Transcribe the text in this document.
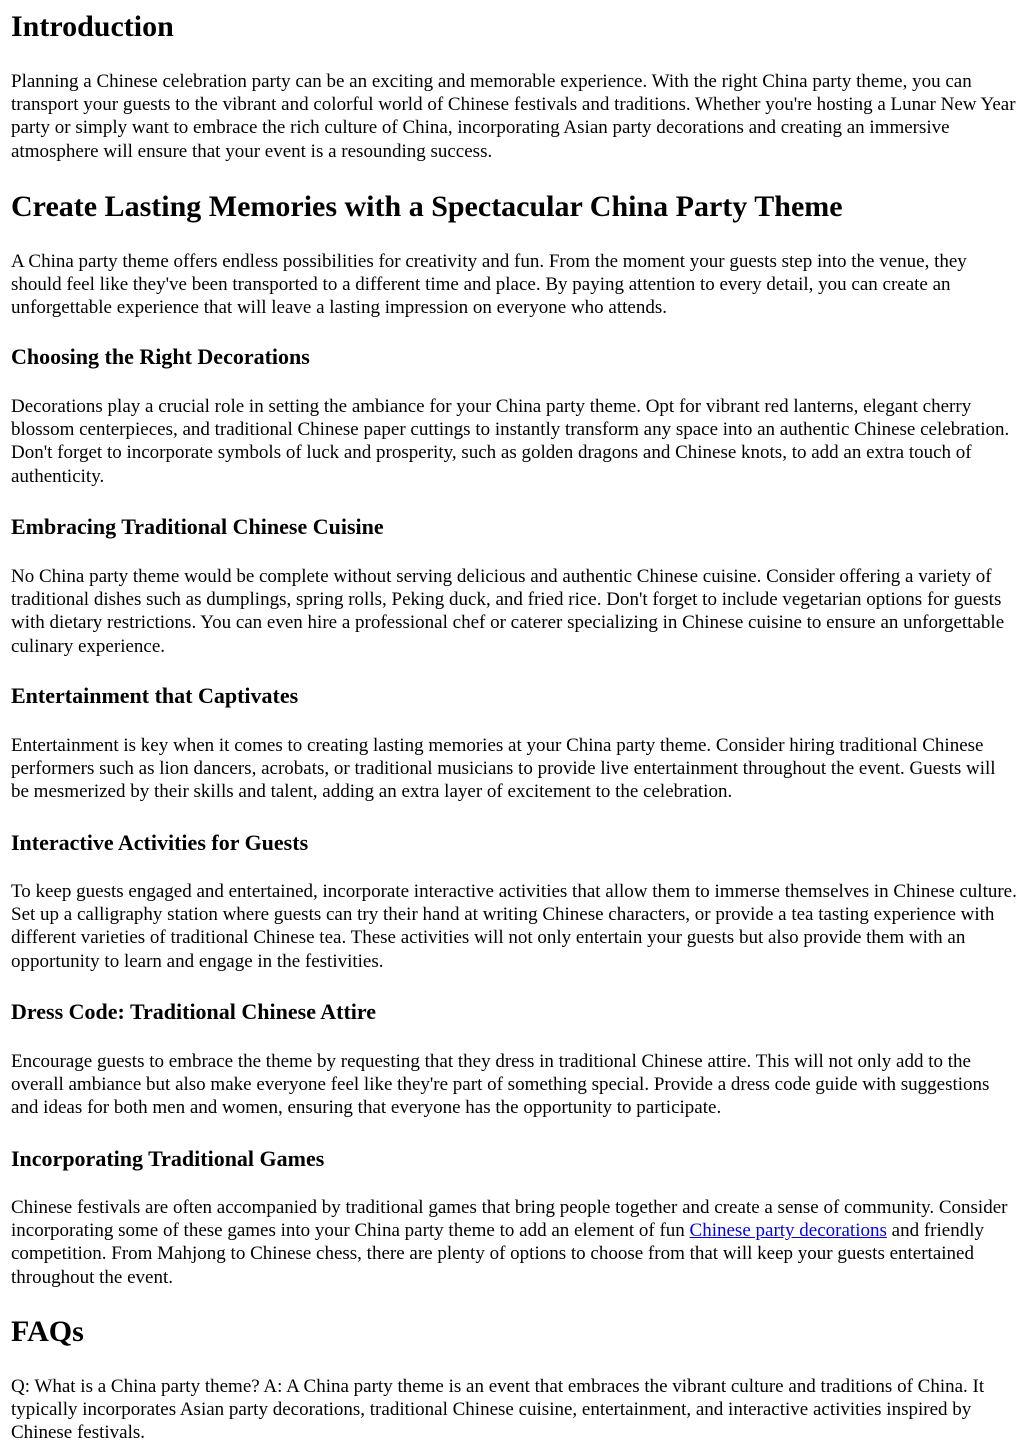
Introduction

Planning a Chinese celebration party can be an exciting and memorable experience. With the right China party theme, you can transport your guests to the vibrant and colorful world of Chinese festivals and traditions. Whether you're hosting a Lunar New Year party or simply want to embrace the rich culture of China, incorporating Asian party decorations and creating an immersive atmosphere will ensure that your event is a resounding success.

Create Lasting Memories with a Spectacular China Party Theme

A China party theme offers endless possibilities for creativity and fun. From the moment your guests step into the venue, they should feel like they've been transported to a different time and place. By paying attention to every detail, you can create an unforgettable experience that will leave a lasting impression on everyone who attends.

Choosing the Right Decorations

Decorations play a crucial role in setting the ambiance for your China party theme. Opt for vibrant red lanterns, elegant cherry blossom centerpieces, and traditional Chinese paper cuttings to instantly transform any space into an authentic Chinese celebration. Don't forget to incorporate symbols of luck and prosperity, such as golden dragons and Chinese knots, to add an extra touch of authenticity.

Embracing Traditional Chinese Cuisine

No China party theme would be complete without serving delicious and authentic Chinese cuisine. Consider offering a variety of traditional dishes such as dumplings, spring rolls, Peking duck, and fried rice. Don't forget to include vegetarian options for guests with dietary restrictions. You can even hire a professional chef or caterer specializing in Chinese cuisine to ensure an unforgettable culinary experience.

Entertainment that Captivates

Entertainment is key when it comes to creating lasting memories at your China party theme. Consider hiring traditional Chinese performers such as lion dancers, acrobats, or traditional musicians to provide live entertainment throughout the event. Guests will be mesmerized by their skills and talent, adding an extra layer of excitement to the celebration.

Interactive Activities for Guests

To keep guests engaged and entertained, incorporate interactive activities that allow them to immerse themselves in Chinese culture. Set up a calligraphy station where guests can try their hand at writing Chinese characters, or provide a tea tasting experience with different varieties of traditional Chinese tea. These activities will not only entertain your guests but also provide them with an opportunity to learn and engage in the festivities.

Dress Code: Traditional Chinese Attire

Encourage guests to embrace the theme by requesting that they dress in traditional Chinese attire. This will not only add to the overall ambiance but also make everyone feel like they're part of something special. Provide a dress code guide with suggestions and ideas for both men and women, ensuring that everyone has the opportunity to participate.

Incorporating Traditional Games

Chinese festivals are often accompanied by traditional games that bring people together and create a sense of community. Consider incorporating some of these games into your China party theme to add an element of fun Chinese party decorations and friendly competition. From Mahjong to Chinese chess, there are plenty of options to choose from that will keep your guests entertained throughout the event.

FAQs

Q: What is a China party theme? A: A China party theme is an event that embraces the vibrant culture and traditions of China. It typically incorporates Asian party decorations, traditional Chinese cuisine, entertainment, and interactive activities inspired by Chinese festivals.
